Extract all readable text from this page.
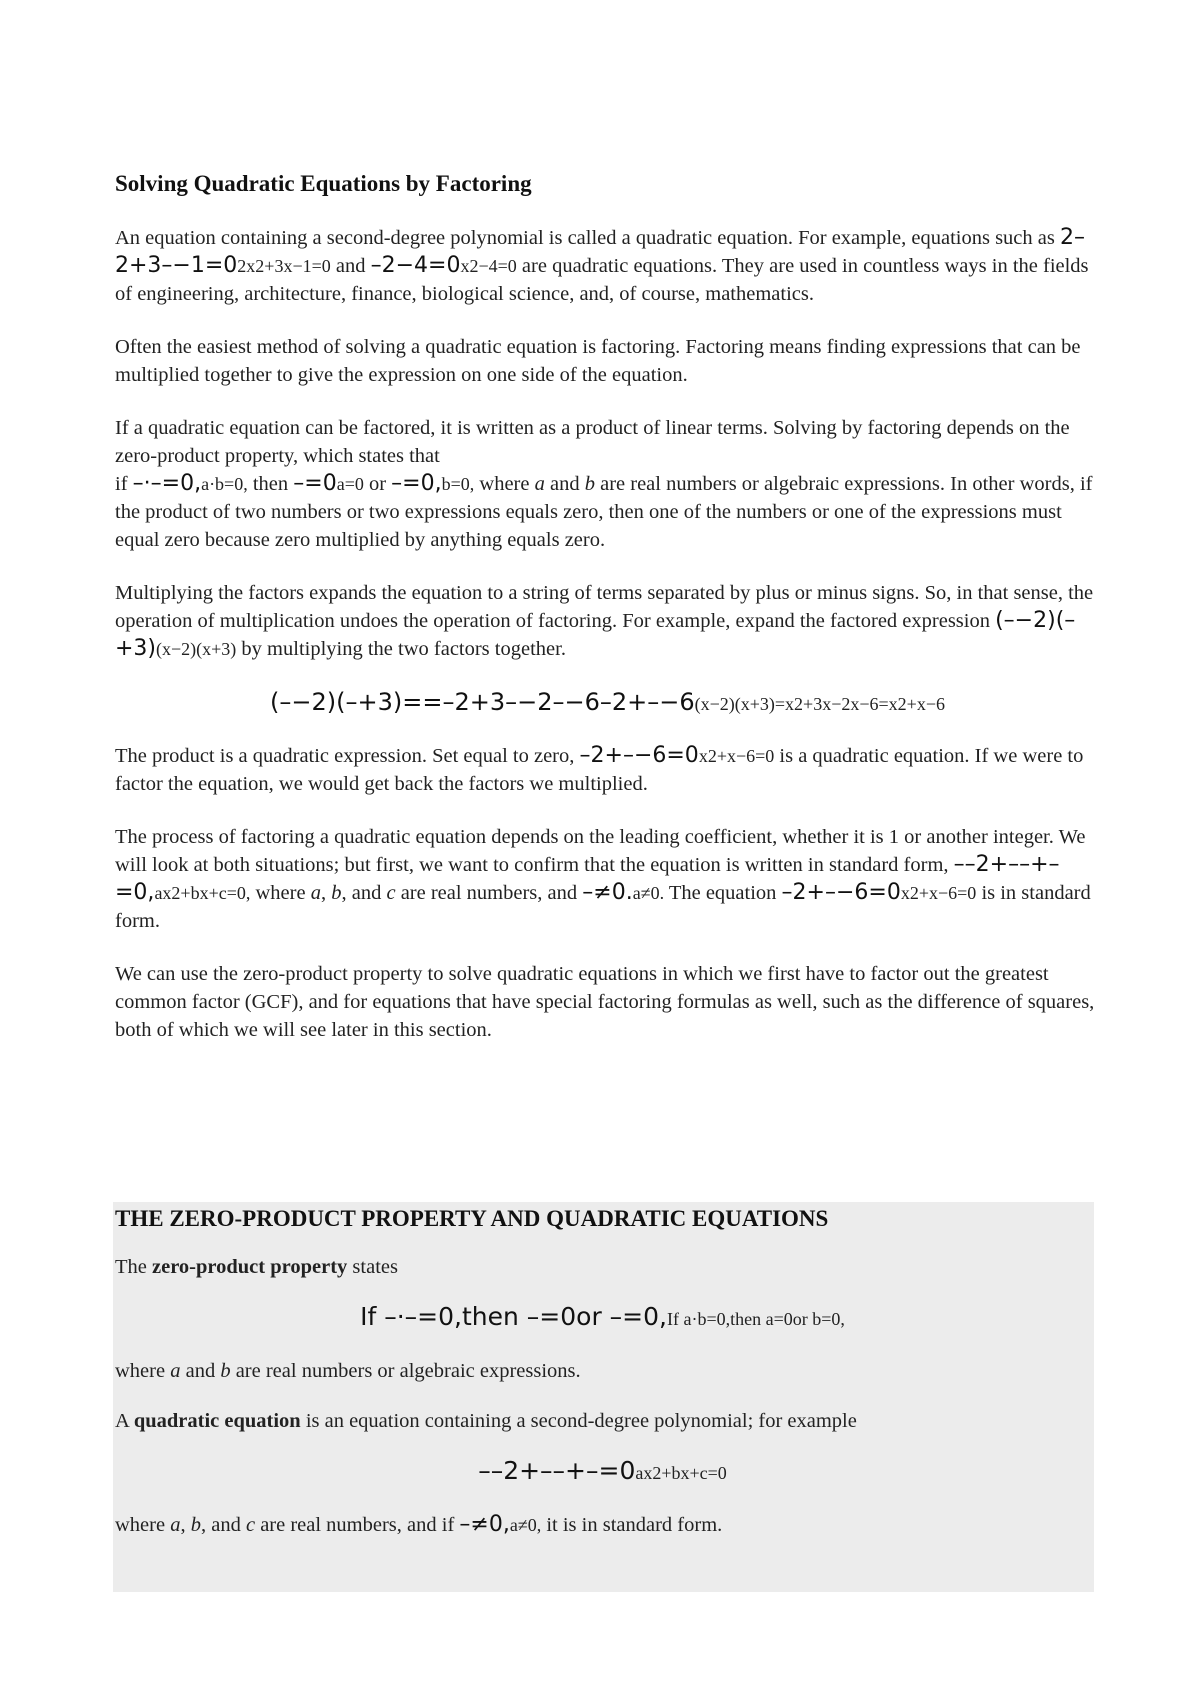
Solving Quadratic Equations by Factoring

An equation containing a second-degree polynomial is called a quadratic equation. For example, equations such as 2–2+3–−1=02x2+3x−1=0 and –2−4=0x2−4=0 are quadratic equations. They are used in countless ways in the fields of engineering, architecture, finance, biological science, and, of course, mathematics.

Often the easiest method of solving a quadratic equation is factoring. Factoring means finding expressions that can be multiplied together to give the expression on one side of the equation.

If a quadratic equation can be factored, it is written as a product of linear terms. Solving by factoring depends on the zero-product property, which states that
if –·–=0,a·b=0, then –=0a=0 or –=0,b=0, where a and b are real numbers or algebraic expressions. In other words, if the product of two numbers or two expressions equals zero, then one of the numbers or one of the expressions must equal zero because zero multiplied by anything equals zero.

Multiplying the factors expands the equation to a string of terms separated by plus or minus signs. So, in that sense, the operation of multiplication undoes the operation of factoring. For example, expand the factored expression (–−2)(–+3)(x−2)(x+3) by multiplying the two factors together.

(–−2)(–+3)==–2+3–−2–−6–2+–−6(x−2)(x+3)=x2+3x−2x−6=x2+x−6

The product is a quadratic expression. Set equal to zero, –2+–−6=0x2+x−6=0 is a quadratic equation. If we were to factor the equation, we would get back the factors we multiplied.

The process of factoring a quadratic equation depends on the leading coefficient, whether it is 1 or another integer. We will look at both situations; but first, we want to confirm that the equation is written in standard form, ––2+––+–=0,ax2+bx+c=0, where a, b, and c are real numbers, and –≠0.a≠0. The equation –2+–−6=0x2+x−6=0 is in standard form.

We can use the zero-product property to solve quadratic equations in which we first have to factor out the greatest common factor (GCF), and for equations that have special factoring formulas as well, such as the difference of squares, both of which we will see later in this section.

THE ZERO-PRODUCT PROPERTY AND QUADRATIC EQUATIONS

The zero-product property states

If –·–=0,then –=0or –=0,If a·b=0,then a=0or b=0,

where a and b are real numbers or algebraic expressions.

A quadratic equation is an equation containing a second-degree polynomial; for example

––2+––+–=0ax2+bx+c=0

where a, b, and c are real numbers, and if –≠0,a≠0, it is in standard form.
